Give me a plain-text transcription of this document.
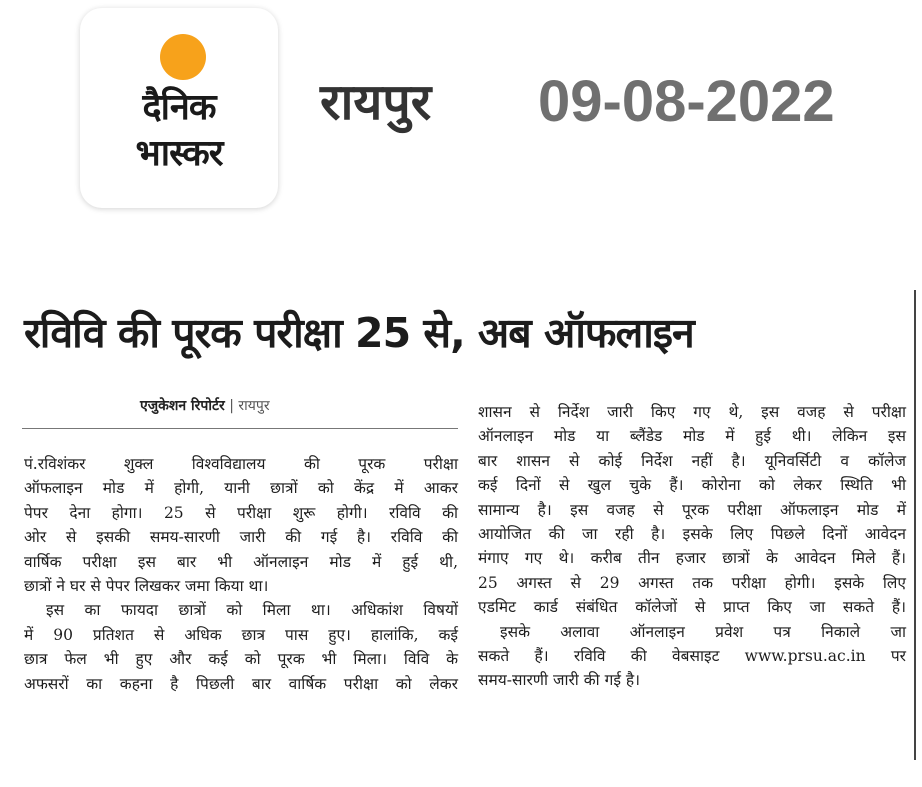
दैनिक
भास्कर
रायपुर 09-08-2022
रविवि की पूरक परीक्षा 25 से, अब ऑफलाइन
एजुकेशन रिपोर्टर | रायपुर
पं.रविशंकर शुक्ल विश्वविद्यालय की पूरक परीक्षा
ऑफलाइन मोड में होगी, यानी छात्रों को केंद्र में आकर
पेपर देना होगा। 25 से परीक्षा शुरू होगी। रविवि की
ओर से इसकी समय-सारणी जारी की गई है। रविवि की
वार्षिक परीक्षा इस बार भी ऑनलाइन मोड में हुई थी,
छात्रों ने घर से पेपर लिखकर जमा किया था।
इस का फायदा छात्रों को मिला था। अधिकांश विषयों
में 90 प्रतिशत से अधिक छात्र पास हुए। हालांकि, कई
छात्र फेल भी हुए और कई को पूरक भी मिला। विवि के
अफसरों का कहना है पिछली बार वार्षिक परीक्षा को लेकर
शासन से निर्देश जारी किए गए थे, इस वजह से परीक्षा
ऑनलाइन मोड या ब्लैंडेड मोड में हुई थी। लेकिन इस
बार शासन से कोई निर्देश नहीं है। यूनिवर्सिटी व कॉलेज
कई दिनों से खुल चुके हैं। कोरोना को लेकर स्थिति भी
सामान्य है। इस वजह से पूरक परीक्षा ऑफलाइन मोड में
आयोजित की जा रही है। इसके लिए पिछले दिनों आवेदन
मंगाए गए थे। करीब तीन हजार छात्रों के आवेदन मिले हैं।
25 अगस्त से 29 अगस्त तक परीक्षा होगी। इसके लिए
एडमिट कार्ड संबंधित कॉलेजों से प्राप्त किए जा सकते हैं।
इसके अलावा ऑनलाइन प्रवेश पत्र निकाले जा
सकते हैं। रविवि की वेबसाइट www.prsu.ac.in पर
समय-सारणी जारी की गई है।
